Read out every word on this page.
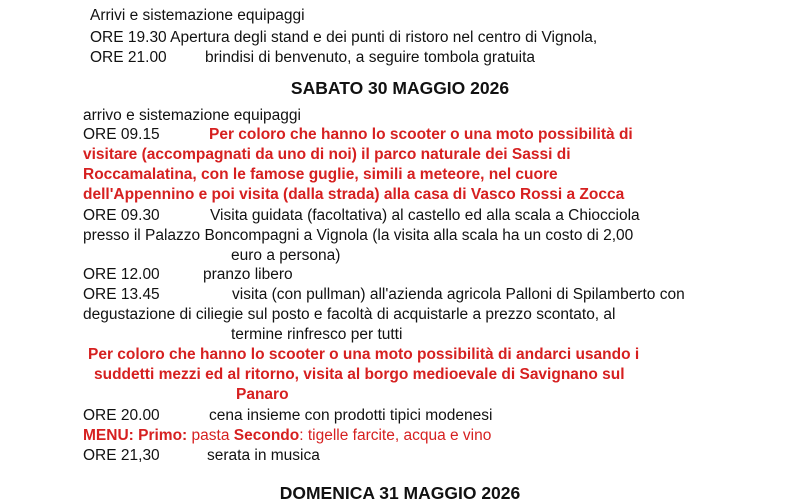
Arrivi e sistemazione equipaggi
ORE 19.30 Apertura degli stand e dei punti di ristoro nel centro di Vignola,
ORE 21.00 brindisi di benvenuto, a seguire tombola gratuita
SABATO 30 MAGGIO 2026
arrivo e sistemazione equipaggi
ORE 09.15	Per coloro che hanno lo scooter o una moto possibilità di
visitare (accompagnati da uno di noi) il parco naturale dei Sassi di
Roccamalatina, con le famose guglie, simili a meteore, nel cuore
dell'Appennino e poi visita (dalla strada) alla casa di Vasco Rossi a Zocca
ORE 09.30	Visita guidata (facoltativa) al castello ed alla scala a Chiocciola
presso il Palazzo Boncompagni a Vignola (la visita alla scala ha un costo di 2,00
euro a persona)
ORE 12.00	pranzo libero
ORE 13.45	visita (con pullman) all'azienda agricola Palloni di Spilamberto con
degustazione di ciliegie sul posto e facoltà di acquistarle a prezzo scontato, al
termine rinfresco per tutti
Per coloro che hanno lo scooter o una moto possibilità di andarci usando i
suddetti mezzi ed al ritorno, visita al borgo medioevale di Savignano sul
Panaro
ORE 20.00	cena insieme con prodotti tipici modenesi
MENU: Primo: pasta Secondo: tigelle farcite, acqua e vino
ORE 21,30	serata in musica
DOMENICA 31 MAGGIO 2026
